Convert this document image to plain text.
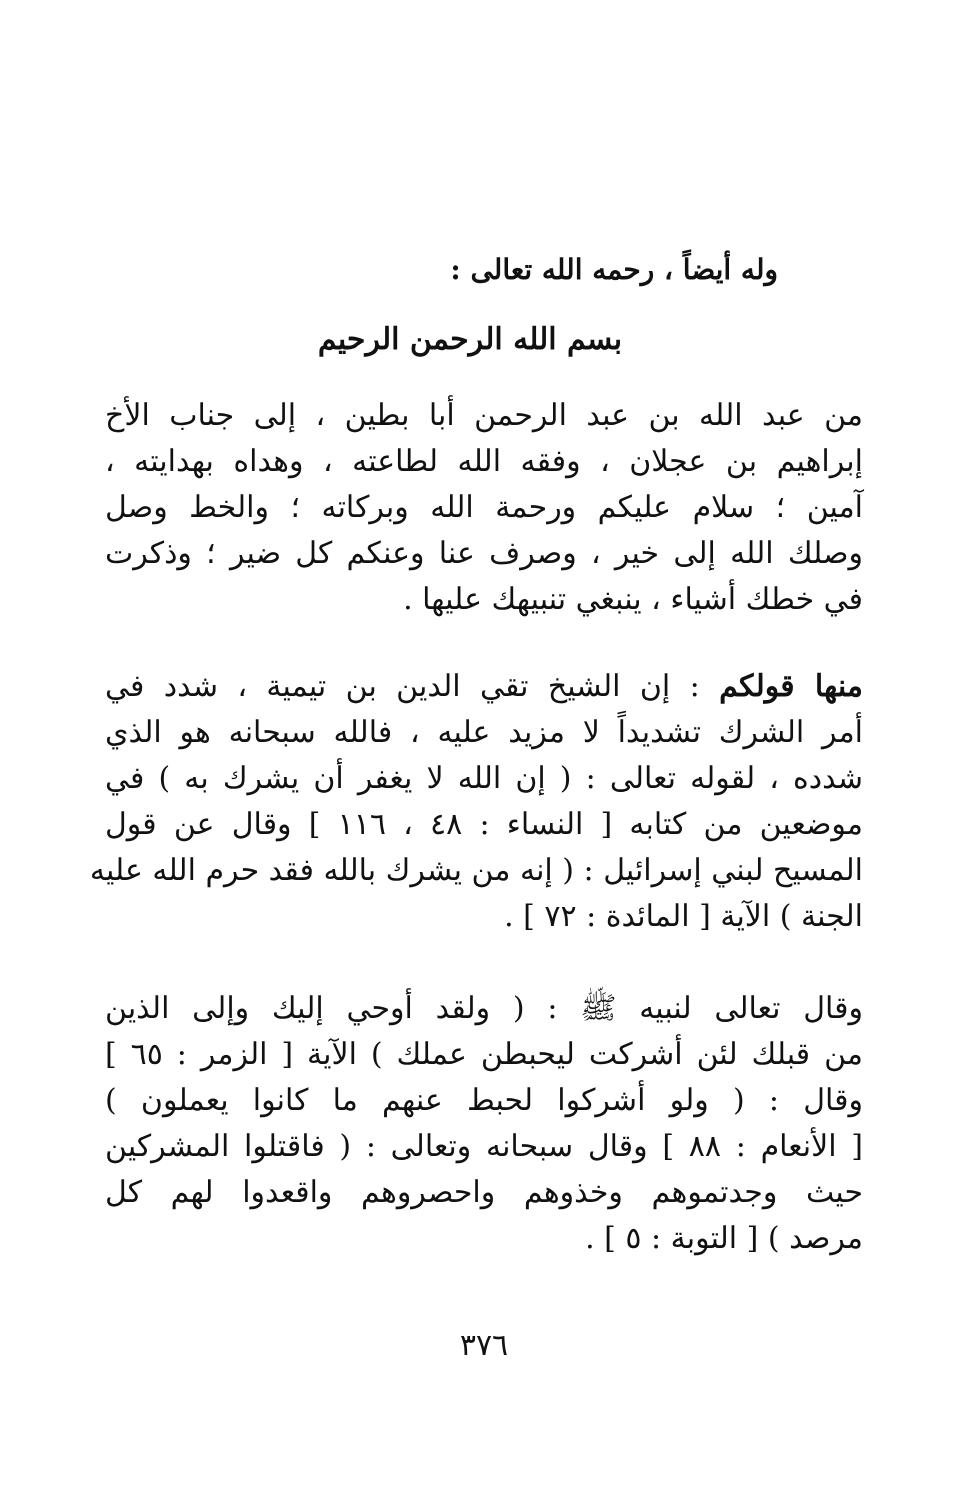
وله أيضاً ، رحمه الله تعالى :
بسم الله الرحمن الرحيم
من عبد الله بن عبد الرحمن أبا بطين ، إلى جناب الأخ
إبراهيم بن عجلان ، وفقه الله لطاعته ، وهداه بهدايته ،
آمين ؛ سلام عليكم ورحمة الله وبركاته ؛ والخط وصل
وصلك الله إلى خير ، وصرف عنا وعنكم كل ضير ؛ وذكرت
في خطك أشياء ، ينبغي تنبيهك عليها .
منها قولكم : إن الشيخ تقي الدين بن تيمية ، شدد في
أمر الشرك تشديداً لا مزيد عليه ، فالله سبحانه هو الذي
شدده ، لقوله تعالى : ( إن الله لا يغفر أن يشرك به ) في
موضعين من كتابه [ النساء : ٤٨ ، ١١٦ ] وقال عن قول
المسيح لبني إسرائيل : ( إنه من يشرك بالله فقد حرم الله عليه
الجنة ) الآية [ المائدة : ٧٢ ] .
وقال تعالى لنبيه ﷺ : ( ولقد أوحي إليك وإلى الذين
من قبلك لئن أشركت ليحبطن عملك ) الآية [ الزمر : ٦٥ ]
وقال : ( ولو أشركوا لحبط عنهم ما كانوا يعملون )
[ الأنعام : ٨٨ ] وقال سبحانه وتعالى : ( فاقتلوا المشركين
حيث وجدتموهم وخذوهم واحصروهم واقعدوا لهم كل
مرصد ) [ التوبة : ٥ ] .
٣٧٦
